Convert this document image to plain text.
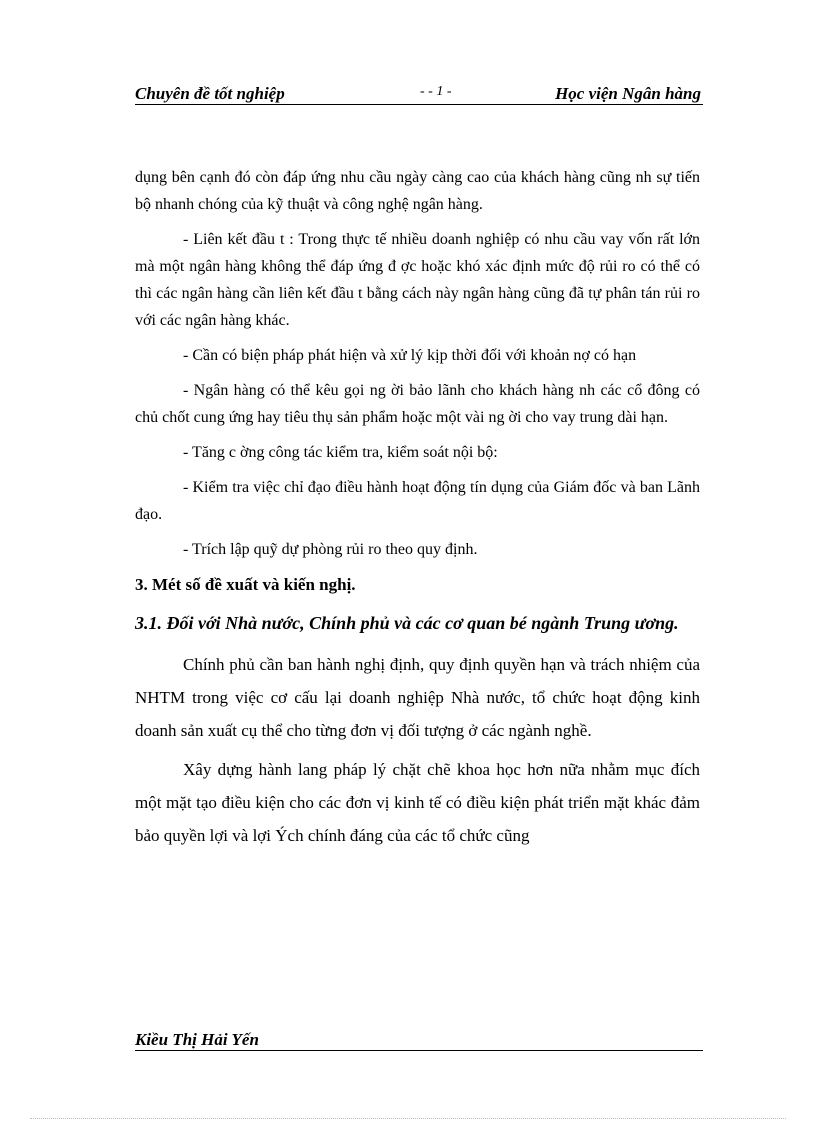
Chuyên đề tốt nghiệp	- - 1 -	Học viện Ngân hàng

dụng bên cạnh đó còn đáp ứng nhu cầu ngày càng cao của khách hàng cũng nh sự tiến bộ nhanh chóng của kỹ thuật và công nghệ ngân hàng.

- Liên kết đầu t : Trong thực tế nhiều doanh nghiệp có nhu cầu vay vốn rất lớn mà một ngân hàng không thể đáp ứng đ ợc hoặc khó xác định mức độ rủi ro có thể có thì các ngân hàng cần liên kết đầu t bằng cách này ngân hàng cũng đã tự phân tán rủi ro với các ngân hàng khác.

- Cần có biện pháp phát hiện và xử lý kịp thời đối với khoản nợ có hạn

- Ngân hàng có thể kêu gọi ng ời bảo lãnh cho khách hàng nh các cổ đông có chủ chốt cung ứng hay tiêu thụ sản phẩm hoặc một vài ng ời cho vay trung dài hạn.

- Tăng c ờng công tác kiểm tra, kiểm soát nội bộ:

- Kiểm tra việc chỉ đạo điều hành hoạt động tín dụng của Giám đốc và ban Lãnh đạo.

- Trích lập quỹ dự phòng rủi ro theo quy định.

3. Mét số đề xuất và kiến nghị.

3.1. Đối với Nhà nước, Chính phủ và các cơ quan bé ngành Trung ương.

Chính phủ cần ban hành nghị định, quy định quyền hạn và trách nhiệm của NHTM trong việc cơ cấu lại doanh nghiệp Nhà nước, tổ chức hoạt động kinh doanh sản xuất cụ thể cho từng đơn vị đối tượng ở các ngành nghề.

Xây dựng hành lang pháp lý chặt chẽ khoa học hơn nữa nhằm mục đích một mặt tạo điều kiện cho các đơn vị kinh tế có điều kiện phát triển mặt khác đảm bảo quyền lợi và lợi Ých chính đáng của các tổ chức cũng

Kiều Thị Hải Yến
